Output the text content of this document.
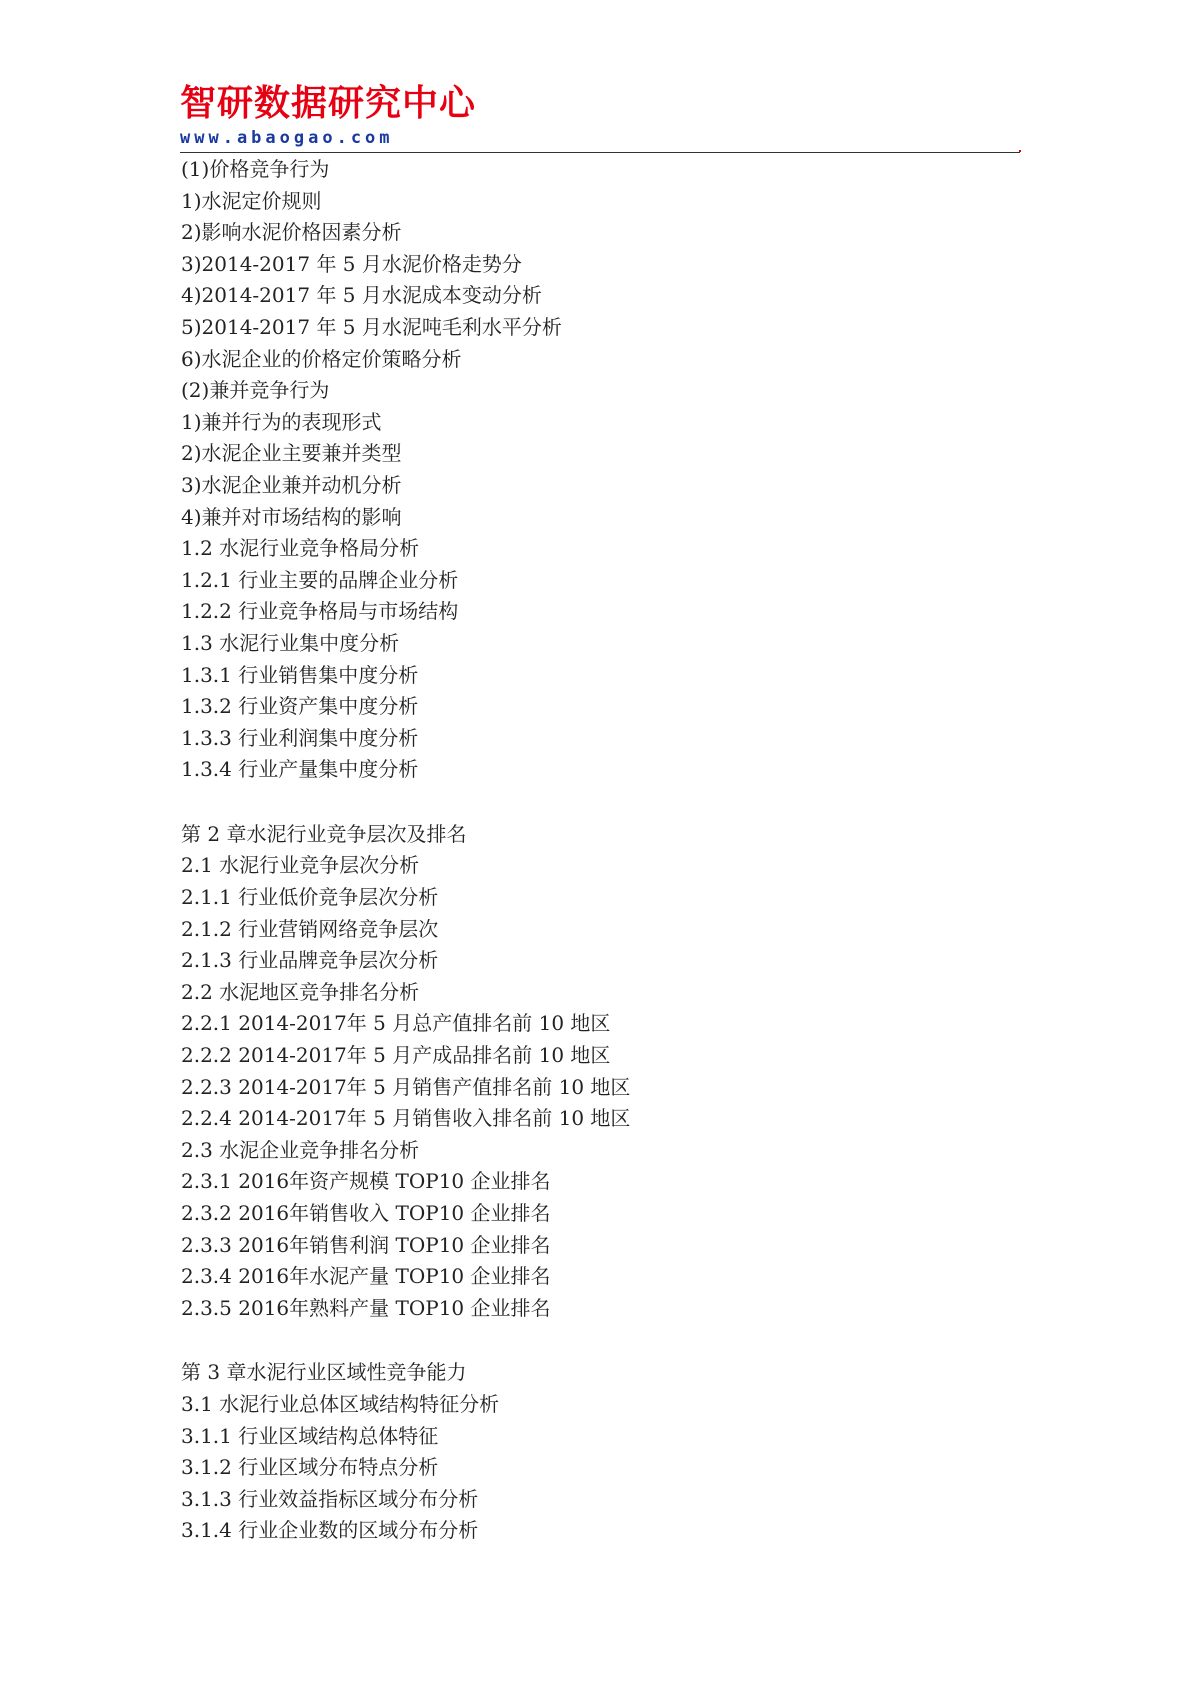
智研数据研究中心
www.abaogao.com
(1)价格竞争行为
1)水泥定价规则
2)影响水泥价格因素分析
3)2014-2017 年 5 月水泥价格走势分
4)2014-2017 年 5 月水泥成本变动分析
5)2014-2017 年 5 月水泥吨毛利水平分析
6)水泥企业的价格定价策略分析
(2)兼并竞争行为
1)兼并行为的表现形式
2)水泥企业主要兼并类型
3)水泥企业兼并动机分析
4)兼并对市场结构的影响
1.2 水泥行业竞争格局分析
1.2.1 行业主要的品牌企业分析
1.2.2 行业竞争格局与市场结构
1.3 水泥行业集中度分析
1.3.1 行业销售集中度分析
1.3.2 行业资产集中度分析
1.3.3 行业利润集中度分析
1.3.4 行业产量集中度分析
第 2 章水泥行业竞争层次及排名
2.1 水泥行业竞争层次分析
2.1.1 行业低价竞争层次分析
2.1.2 行业营销网络竞争层次
2.1.3 行业品牌竞争层次分析
2.2 水泥地区竞争排名分析
2.2.1 2014-2017年 5 月总产值排名前 10 地区
2.2.2 2014-2017年 5 月产成品排名前 10 地区
2.2.3 2014-2017年 5 月销售产值排名前 10 地区
2.2.4 2014-2017年 5 月销售收入排名前 10 地区
2.3 水泥企业竞争排名分析
2.3.1 2016年资产规模 TOP10 企业排名
2.3.2 2016年销售收入 TOP10 企业排名
2.3.3 2016年销售利润 TOP10 企业排名
2.3.4 2016年水泥产量 TOP10 企业排名
2.3.5 2016年熟料产量 TOP10 企业排名
第 3 章水泥行业区域性竞争能力
3.1 水泥行业总体区域结构特征分析
3.1.1 行业区域结构总体特征
3.1.2 行业区域分布特点分析
3.1.3 行业效益指标区域分布分析
3.1.4 行业企业数的区域分布分析
